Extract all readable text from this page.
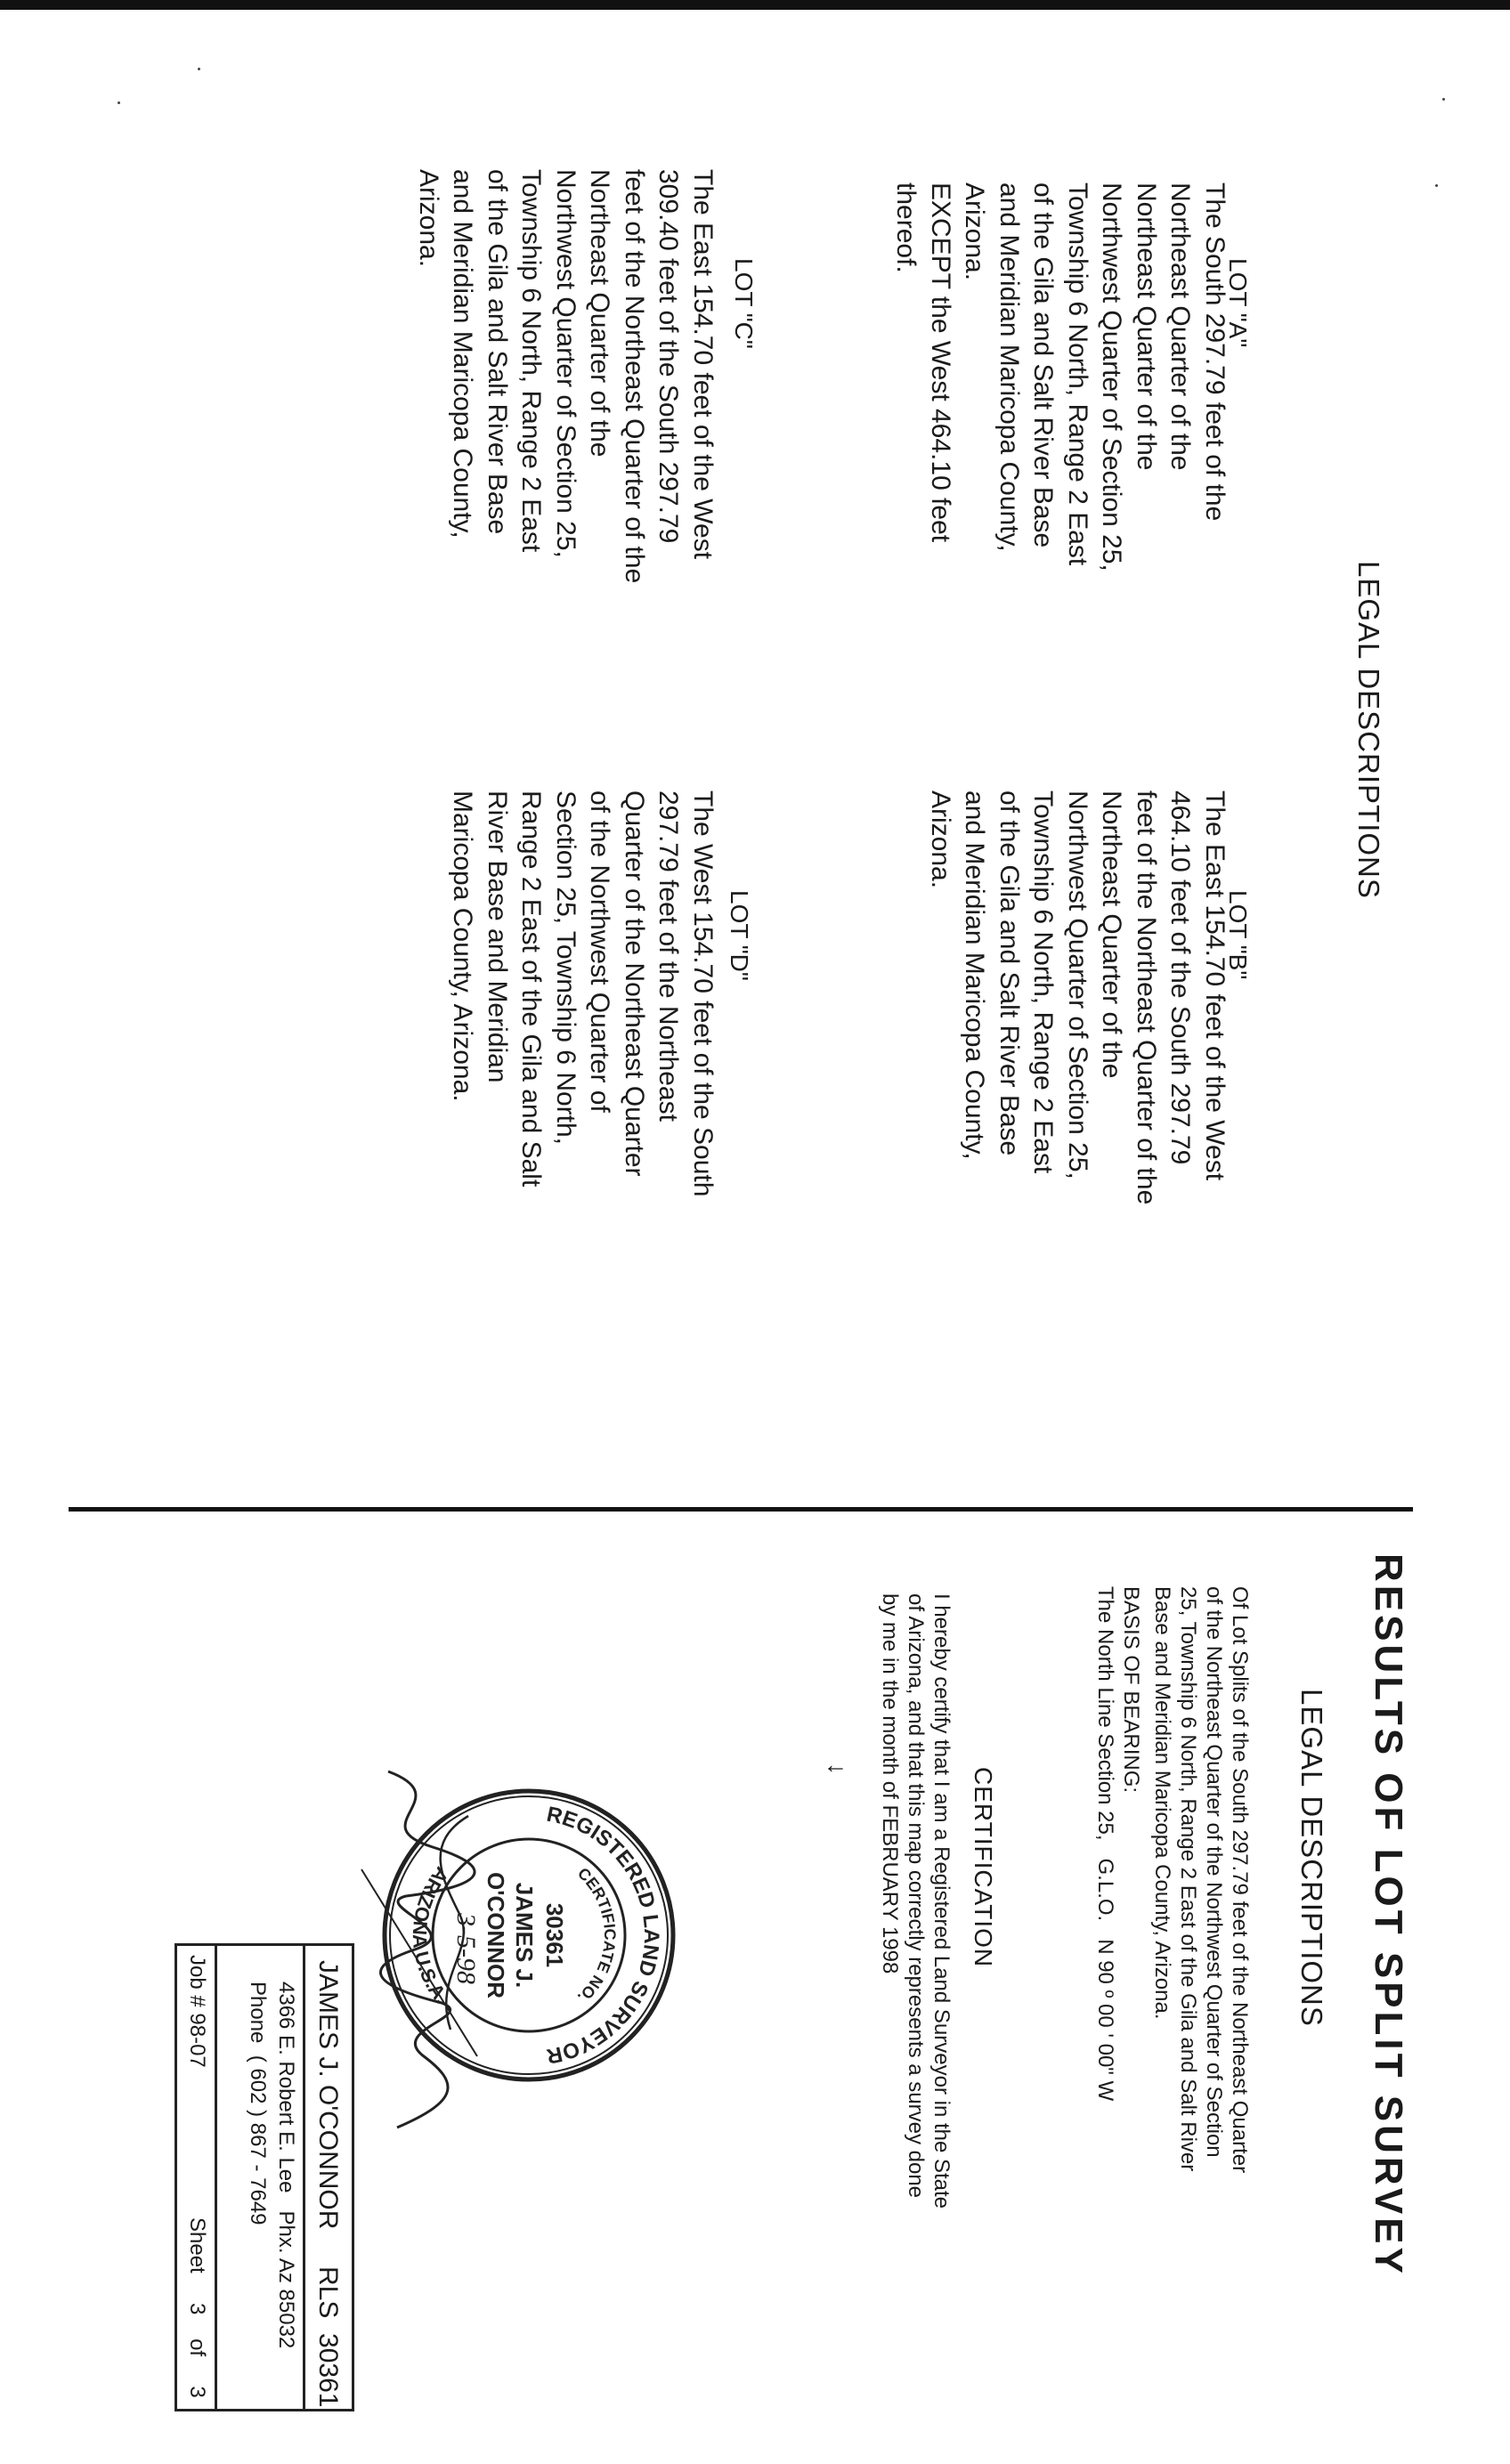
LEGAL DESCRIPTIONS
LOT "A"
The South 297.79 feet of the
Northeast Quarter of the
Northeast Quarter of the
Northwest Quarter of Section 25,
Township 6 North, Range 2 East
of the Gila and Salt River Base
and Meridian Maricopa County,
Arizona.
EXCEPT the West 464.10 feet
thereof.
LOT "B"
The East 154.70 feet of the West
464.10 feet of the South 297.79
feet of the Northeast Quarter of the
Northeast Quarter of the
Northwest Quarter of Section 25,
Township 6 North, Range 2 East
of the Gila and Salt River Base
and Meridian Maricopa County,
Arizona.
LOT "C"
The East 154.70 feet of the West
309.40 feet of the South 297.79
feet of the Northeast Quarter of the
Northeast Quarter of the
Northwest Quarter of Section 25,
Township 6 North, Range 2 East
of the Gila and Salt River Base
and Meridian Maricopa County,
Arizona.
LOT "D"
The West 154.70 feet of the South
297.79 feet of the Northeast
Quarter of the Northeast Quarter
of the Northwest Quarter of
Section 25, Township 6 North,
Range 2 East of the Gila and Salt
River Base and Meridian
Maricopa County, Arizona.
RESULTS OF LOT SPLIT SURVEY
LEGAL DESCRIPTIONS
Of Lot Splits of the South 297.79 feet of the Northeast Quarter
of the Northeast Quarter of the Northwest Quarter of Section
25, Township 6 North, Range 2 East of the Gila and Salt River
Base and Meridian Maricopa County, Arizona.
BASIS OF BEARING:
The North Line Section 25,   G.L.O.   N 90 º 00 ' 00" W
CERTIFICATION
I hereby certify that I am a Registered Land Surveyor in the State
of Arizona, and that this map correctly represents a survey done
by me in the month of FEBRUARY 1998
↓
REGISTERED LAND SURVEYOR
ARIZONA U.S.A.
CERTIFICATE NO.
30361
JAMES J.
O'CONNOR
3-5-98
JAMES J. O'CONNOR
RLS  30361
4366 E. Robert E. Lee   Phx. Az 85032
Phone  ( 602 ) 867 - 7649
Job # 98-07
Sheet     3    of     3
